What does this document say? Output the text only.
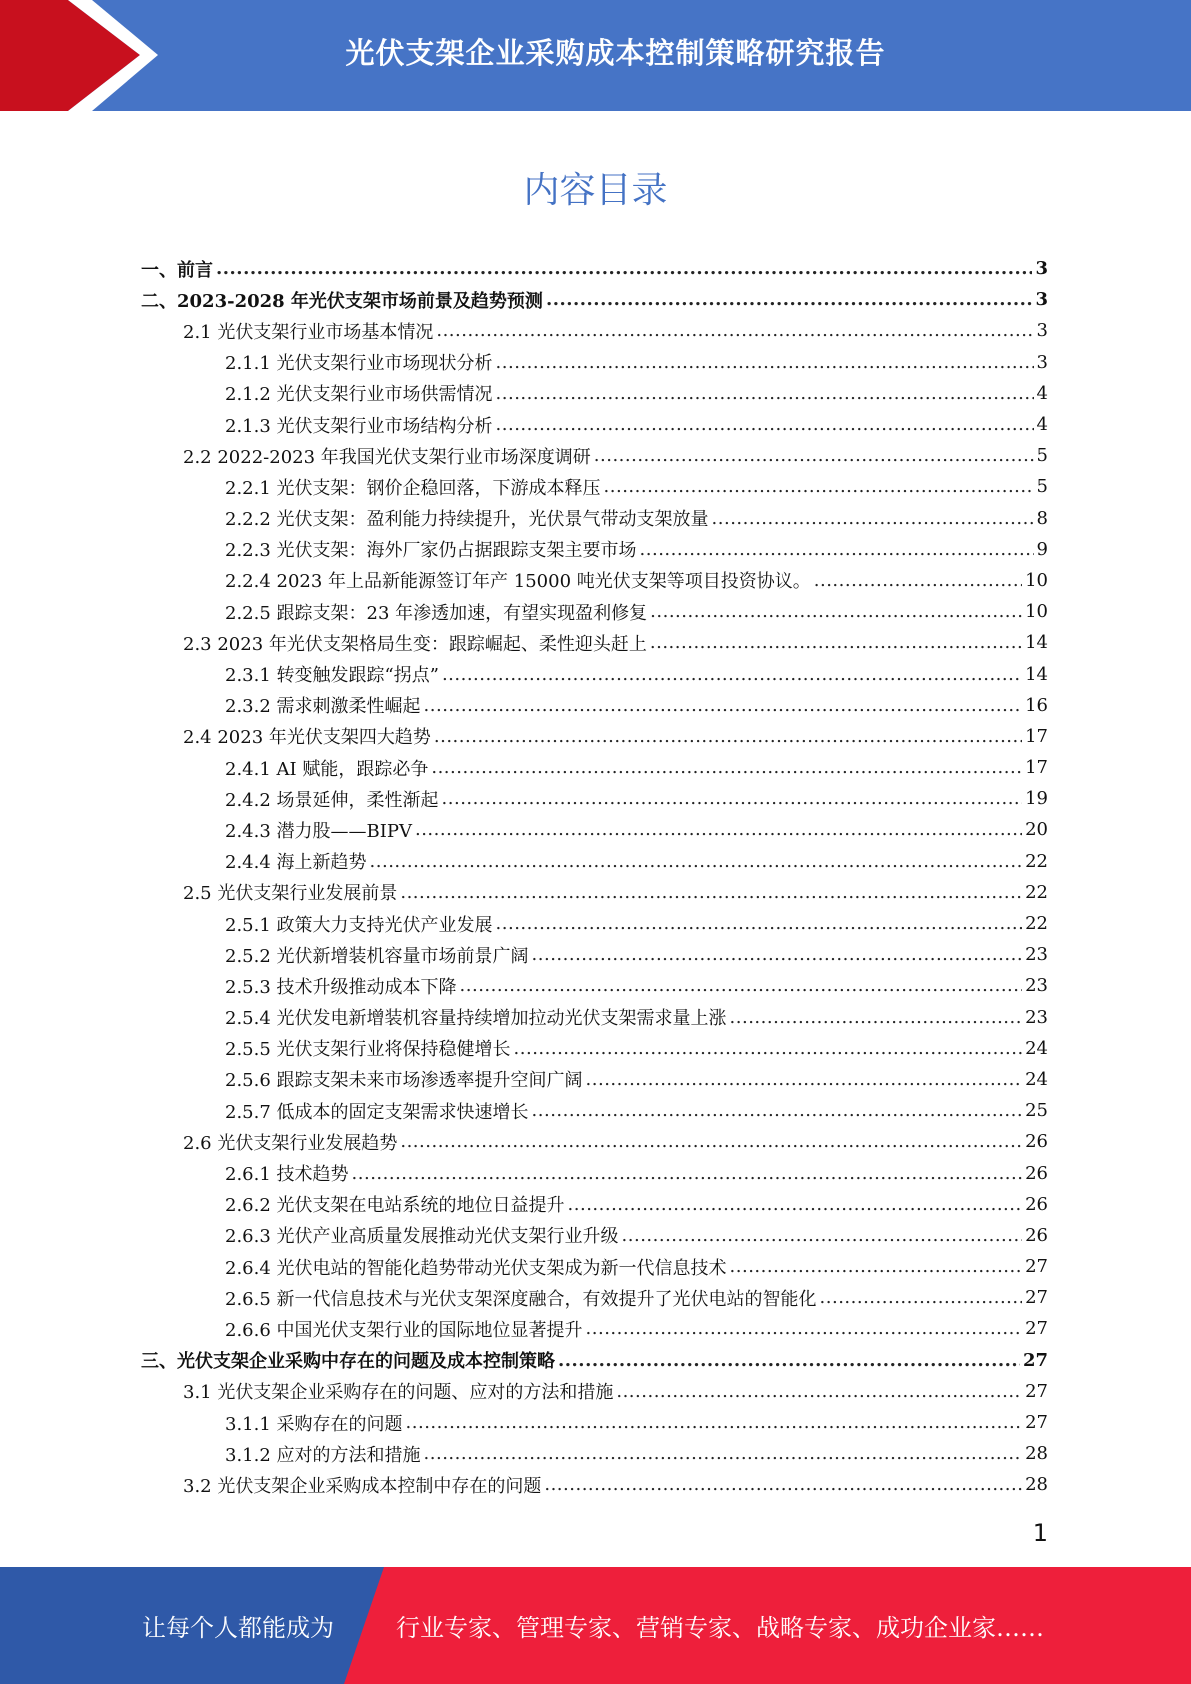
光伏支架企业采购成本控制策略研究报告
内容目录
一、前言 .....	3
二、2023-2028 年光伏支架市场前景及趋势预测 .....	3
2.1 光伏支架行业市场基本情况 .....	3
2.1.1 光伏支架行业市场现状分析 .....	3
2.1.2 光伏支架行业市场供需情况 .....	4
2.1.3 光伏支架行业市场结构分析 .....	4
2.2 2022-2023 年我国光伏支架行业市场深度调研 .....	5
2.2.1 光伏支架：钢价企稳回落，下游成本释压 .....	5
2.2.2 光伏支架：盈利能力持续提升，光伏景气带动支架放量 .....	8
2.2.3 光伏支架：海外厂家仍占据跟踪支架主要市场 .....	9
2.2.4 2023 年上品新能源签订年产 15000 吨光伏支架等项目投资协议。 .....	10
2.2.5 跟踪支架：23 年渗透加速，有望实现盈利修复 .....	10
2.3 2023 年光伏支架格局生变：跟踪崛起、柔性迎头赶上 .....	14
2.3.1 转变触发跟踪“拐点” .....	14
2.3.2 需求刺激柔性崛起 .....	16
2.4 2023 年光伏支架四大趋势 .....	17
2.4.1 AI 赋能，跟踪必争 .....	17
2.4.2 场景延伸，柔性渐起 .....	19
2.4.3 潜力股——BIPV .....	20
2.4.4 海上新趋势 .....	22
2.5 光伏支架行业发展前景 .....	22
2.5.1 政策大力支持光伏产业发展 .....	22
2.5.2 光伏新增装机容量市场前景广阔 .....	23
2.5.3 技术升级推动成本下降 .....	23
2.5.4 光伏发电新增装机容量持续增加拉动光伏支架需求量上涨 .....	23
2.5.5 光伏支架行业将保持稳健增长 .....	24
2.5.6 跟踪支架未来市场渗透率提升空间广阔 .....	24
2.5.7 低成本的固定支架需求快速增长 .....	25
2.6 光伏支架行业发展趋势 .....	26
2.6.1 技术趋势 .....	26
2.6.2 光伏支架在电站系统的地位日益提升 .....	26
2.6.3 光伏产业高质量发展推动光伏支架行业升级 .....	26
2.6.4 光伏电站的智能化趋势带动光伏支架成为新一代信息技术 .....	27
2.6.5 新一代信息技术与光伏支架深度融合，有效提升了光伏电站的智能化 .....	27
2.6.6 中国光伏支架行业的国际地位显著提升 .....	27
三、光伏支架企业采购中存在的问题及成本控制策略 .....	27
3.1 光伏支架企业采购存在的问题、应对的方法和措施 .....	27
3.1.1 采购存在的问题 .....	27
3.1.2 应对的方法和措施 .....	28
3.2 光伏支架企业采购成本控制中存在的问题 .....	28
1
让每个人都能成为	行业专家、管理专家、营销专家、战略专家、成功企业家……
